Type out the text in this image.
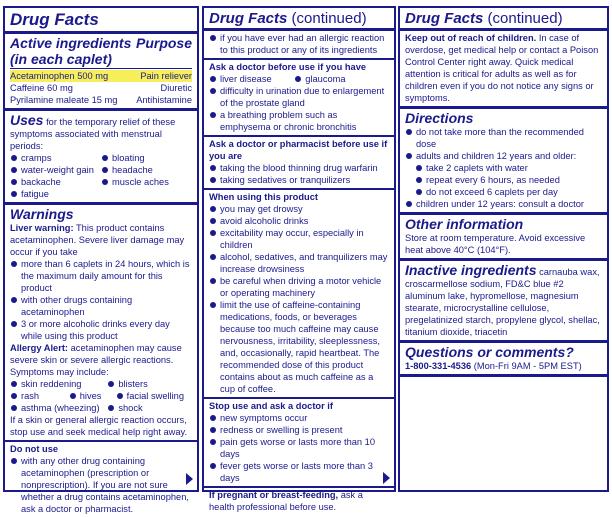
Drug Facts
Active ingredients Purpose
(in each caplet)
Acetaminophen 500 mg	Pain reliever
Caffeine 60 mg	Diuretic
Pyrilamine maleate 15 mg Antihistamine
Uses for the temporary relief of these symptoms associated with menstrual periods:
cramps	bloating
water-weight gain	headache
backache	muscle aches
fatigue
Warnings
Liver warning: This product contains acetaminophen. Severe liver damage may occur if you take
more than 6 caplets in 24 hours, which is the maximum daily amount for this product
with other drugs containing acetaminophen
3 or more alcoholic drinks every day while using this product
Allergy Alert: acetaminophen may cause severe skin or severe allergic reactions. Symptoms may include:
skin reddening	blisters
rash	hives	facial swelling
asthma (wheezing)	shock
If a skin or general allergic reaction occurs, stop use and seek medical help right away.
Do not use
with any other drug containing acetaminophen (prescription or nonprescription). If you are not sure whether a drug contains acetaminophen, ask a doctor or pharmacist.
Drug Facts (continued)
if you have ever had an allergic reaction to this product or any of its ingredients
Ask a doctor before use if you have
liver disease	glaucoma
difficulty in urination due to enlargement of the prostate gland
a breathing problem such as emphysema or chronic bronchitis
Ask a doctor or pharmacist before use if you are
taking the blood thinning drug warfarin
taking sedatives or tranquilizers
When using this product
you may get drowsy
avoid alcoholic drinks
excitability may occur, especially in children
alcohol, sedatives, and tranquilizers may increase drowsiness
be careful when driving a motor vehicle or operating machinery
limit the use of caffeine-containing medications, foods, or beverages because too much caffeine may cause nervousness, irritability, sleeplessness, and, occasionally, rapid heartbeat. The recommended dose of this product contains about as much caffeine as a cup of coffee.
Stop use and ask a doctor if
new symptoms occur
redness or swelling is present
pain gets worse or lasts more than 10 days
fever gets worse or lasts more than 3 days
If pregnant or breast-feeding, ask a health professional before use.
Drug Facts (continued)
Keep out of reach of children. In case of overdose, get medical help or contact a Poison Control Center right away. Quick medical attention is critical for adults as well as for children even if you do not notice any signs or symptoms.
Directions
do not take more than the recommended dose
adults and children 12 years and older:
take 2 caplets with water
repeat every 6 hours, as needed
do not exceed 6 caplets per day
children under 12 years: consult a doctor
Other information
Store at room temperature. Avoid excessive heat above 40°C (104°F).
Inactive ingredients carnauba wax, croscarmellose sodium, FD&C blue #2 aluminum lake, hypromellose, magnesium stearate, microcrystalline cellulose, pregelatinized starch, propylene glycol, shellac, titanium dioxide, triacetin
Questions or comments?
1-800-331-4536 (Mon-Fri 9AM - 5PM EST)
